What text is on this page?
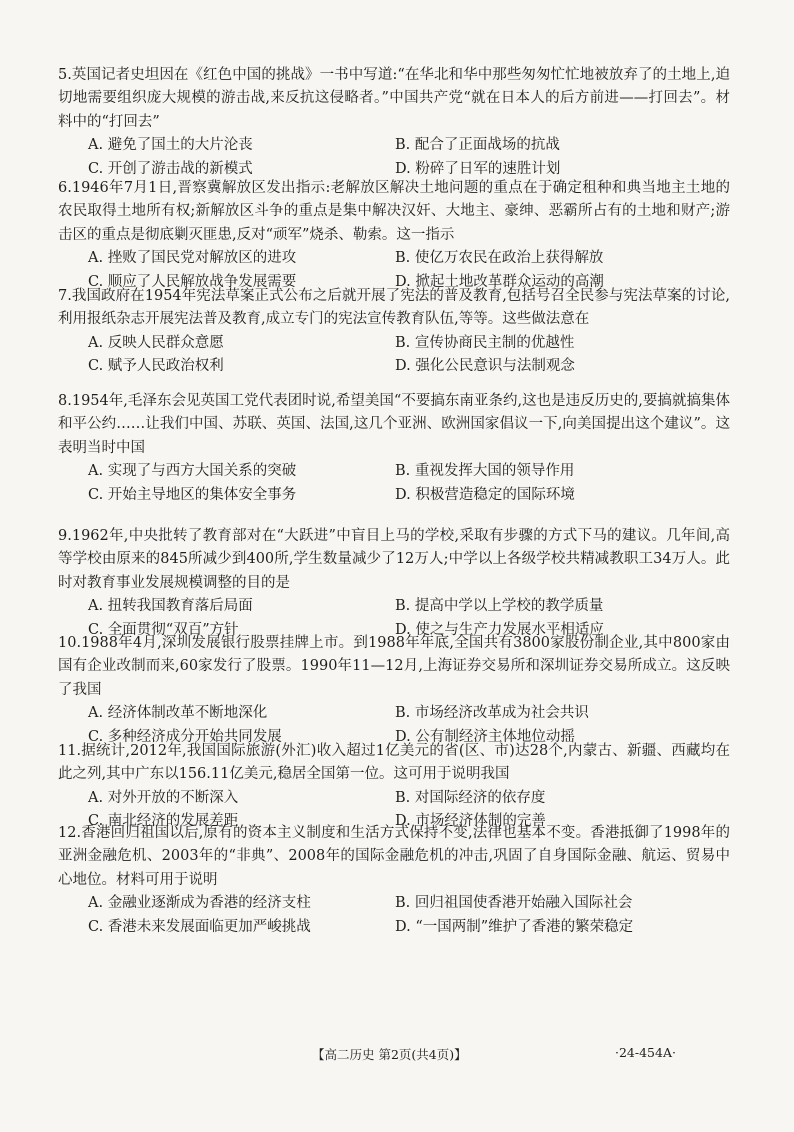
5.英国记者史坦因在《红色中国的挑战》一书中写道:“在华北和华中那些匆匆忙忙地被放弃了的土地上,迫切地需要组织庞大规模的游击战,来反抗这侵略者。”中国共产党“就在日本人的后方前进——打回去”。材料中的“打回去”

A. 避免了国土的大片沦丧	B. 配合了正面战场的抗战
C. 开创了游击战的新模式	D. 粉碎了日军的速胜计划

6.1946年7月1日,晋察冀解放区发出指示:老解放区解决土地问题的重点在于确定租种和典当地主土地的农民取得土地所有权;新解放区斗争的重点是集中解决汉奸、大地主、豪绅、恶霸所占有的土地和财产;游击区的重点是彻底剿灭匪患,反对“顽军”烧杀、勒索。这一指示

A. 挫败了国民党对解放区的进攻	B. 使亿万农民在政治上获得解放
C. 顺应了人民解放战争发展需要	D. 掀起土地改革群众运动的高潮

7.我国政府在1954年宪法草案正式公布之后就开展了宪法的普及教育,包括号召全民参与宪法草案的讨论,利用报纸杂志开展宪法普及教育,成立专门的宪法宣传教育队伍,等等。这些做法意在

A. 反映人民群众意愿	B. 宣传协商民主制的优越性
C. 赋予人民政治权利	D. 强化公民意识与法制观念

8.1954年,毛泽东会见英国工党代表团时说,希望美国“不要搞东南亚条约,这也是违反历史的,要搞就搞集体和平公约……让我们中国、苏联、英国、法国,这几个亚洲、欧洲国家倡议一下,向美国提出这个建议”。这表明当时中国

A. 实现了与西方大国关系的突破	B. 重视发挥大国的领导作用
C. 开始主导地区的集体安全事务	D. 积极营造稳定的国际环境

9.1962年,中央批转了教育部对在“大跃进”中盲目上马的学校,采取有步骤的方式下马的建议。几年间,高等学校由原来的845所减少到400所,学生数量减少了12万人;中学以上各级学校共精减教职工34万人。此时对教育事业发展规模调整的目的是

A. 扭转我国教育落后局面	B. 提高中学以上学校的教学质量
C. 全面贯彻“双百”方针	D. 使之与生产力发展水平相适应

10.1988年4月,深圳发展银行股票挂牌上市。到1988年年底,全国共有3800家股份制企业,其中800家由国有企业改制而来,60家发行了股票。1990年11—12月,上海证券交易所和深圳证券交易所成立。这反映了我国

A. 经济体制改革不断地深化	B. 市场经济改革成为社会共识
C. 多种经济成分开始共同发展	D. 公有制经济主体地位动摇

11.据统计,2012年,我国国际旅游(外汇)收入超过1亿美元的省(区、市)达28个,内蒙古、新疆、西藏均在此之列,其中广东以156.11亿美元,稳居全国第一位。这可用于说明我国

A. 对外开放的不断深入	B. 对国际经济的依存度
C. 南北经济的发展差距	D. 市场经济体制的完善

12.香港回归祖国以后,原有的资本主义制度和生活方式保持不变,法律也基本不变。香港抵御了1998年的亚洲金融危机、2003年的“非典”、2008年的国际金融危机的冲击,巩固了自身国际金融、航运、贸易中心地位。材料可用于说明

A. 金融业逐渐成为香港的经济支柱	B. 回归祖国使香港开始融入国际社会
C. 香港未来发展面临更加严峻挑战	D. “一国两制”维护了香港的繁荣稳定
【高二历史 第2页(共4页)】	·24-454A·
